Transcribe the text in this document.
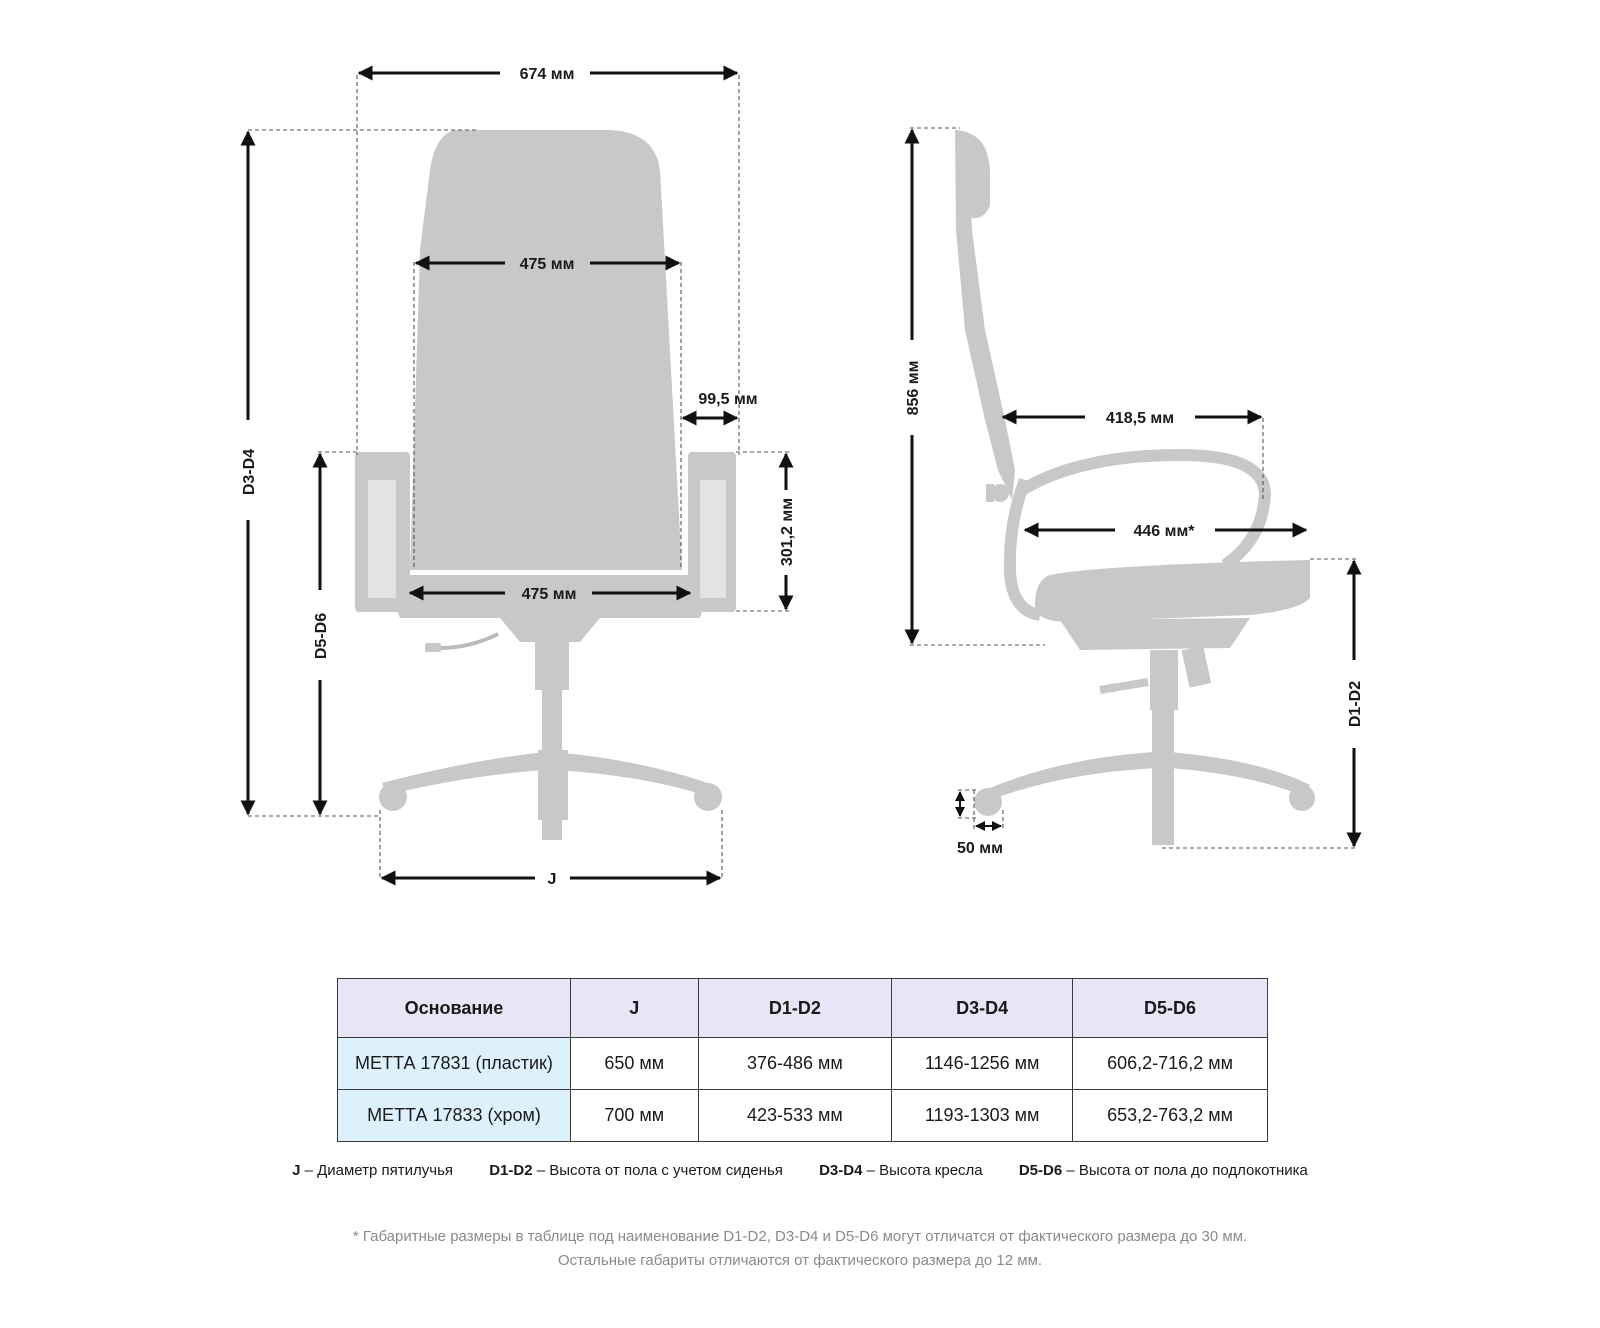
674 мм
475 мм
475 мм
99,5 мм
301,2 мм
D3-D4
D5-D6
J
856 мм
418,5 мм
446 мм*
D1-D2
50 мм
Основание	J	D1-D2	D3-D4	D5-D6
МЕТТА 17831 (пластик)	650 мм	376-486 мм	1146-1256 мм	606,2-716,2 мм
МЕТТА 17833 (хром)	700 мм	423-533 мм	1193-1303 мм	653,2-763,2 мм
J – Диаметр пятилучья D1-D2 – Высота от пола с учетом сиденья D3-D4 – Высота кресла D5-D6 – Высота от пола до подлокотника
* Габаритные размеры в таблице под наименование D1-D2, D3-D4 и D5-D6 могут отличатся от фактического размера до 30 мм.
Остальные габариты отличаются от фактического размера до 12 мм.
